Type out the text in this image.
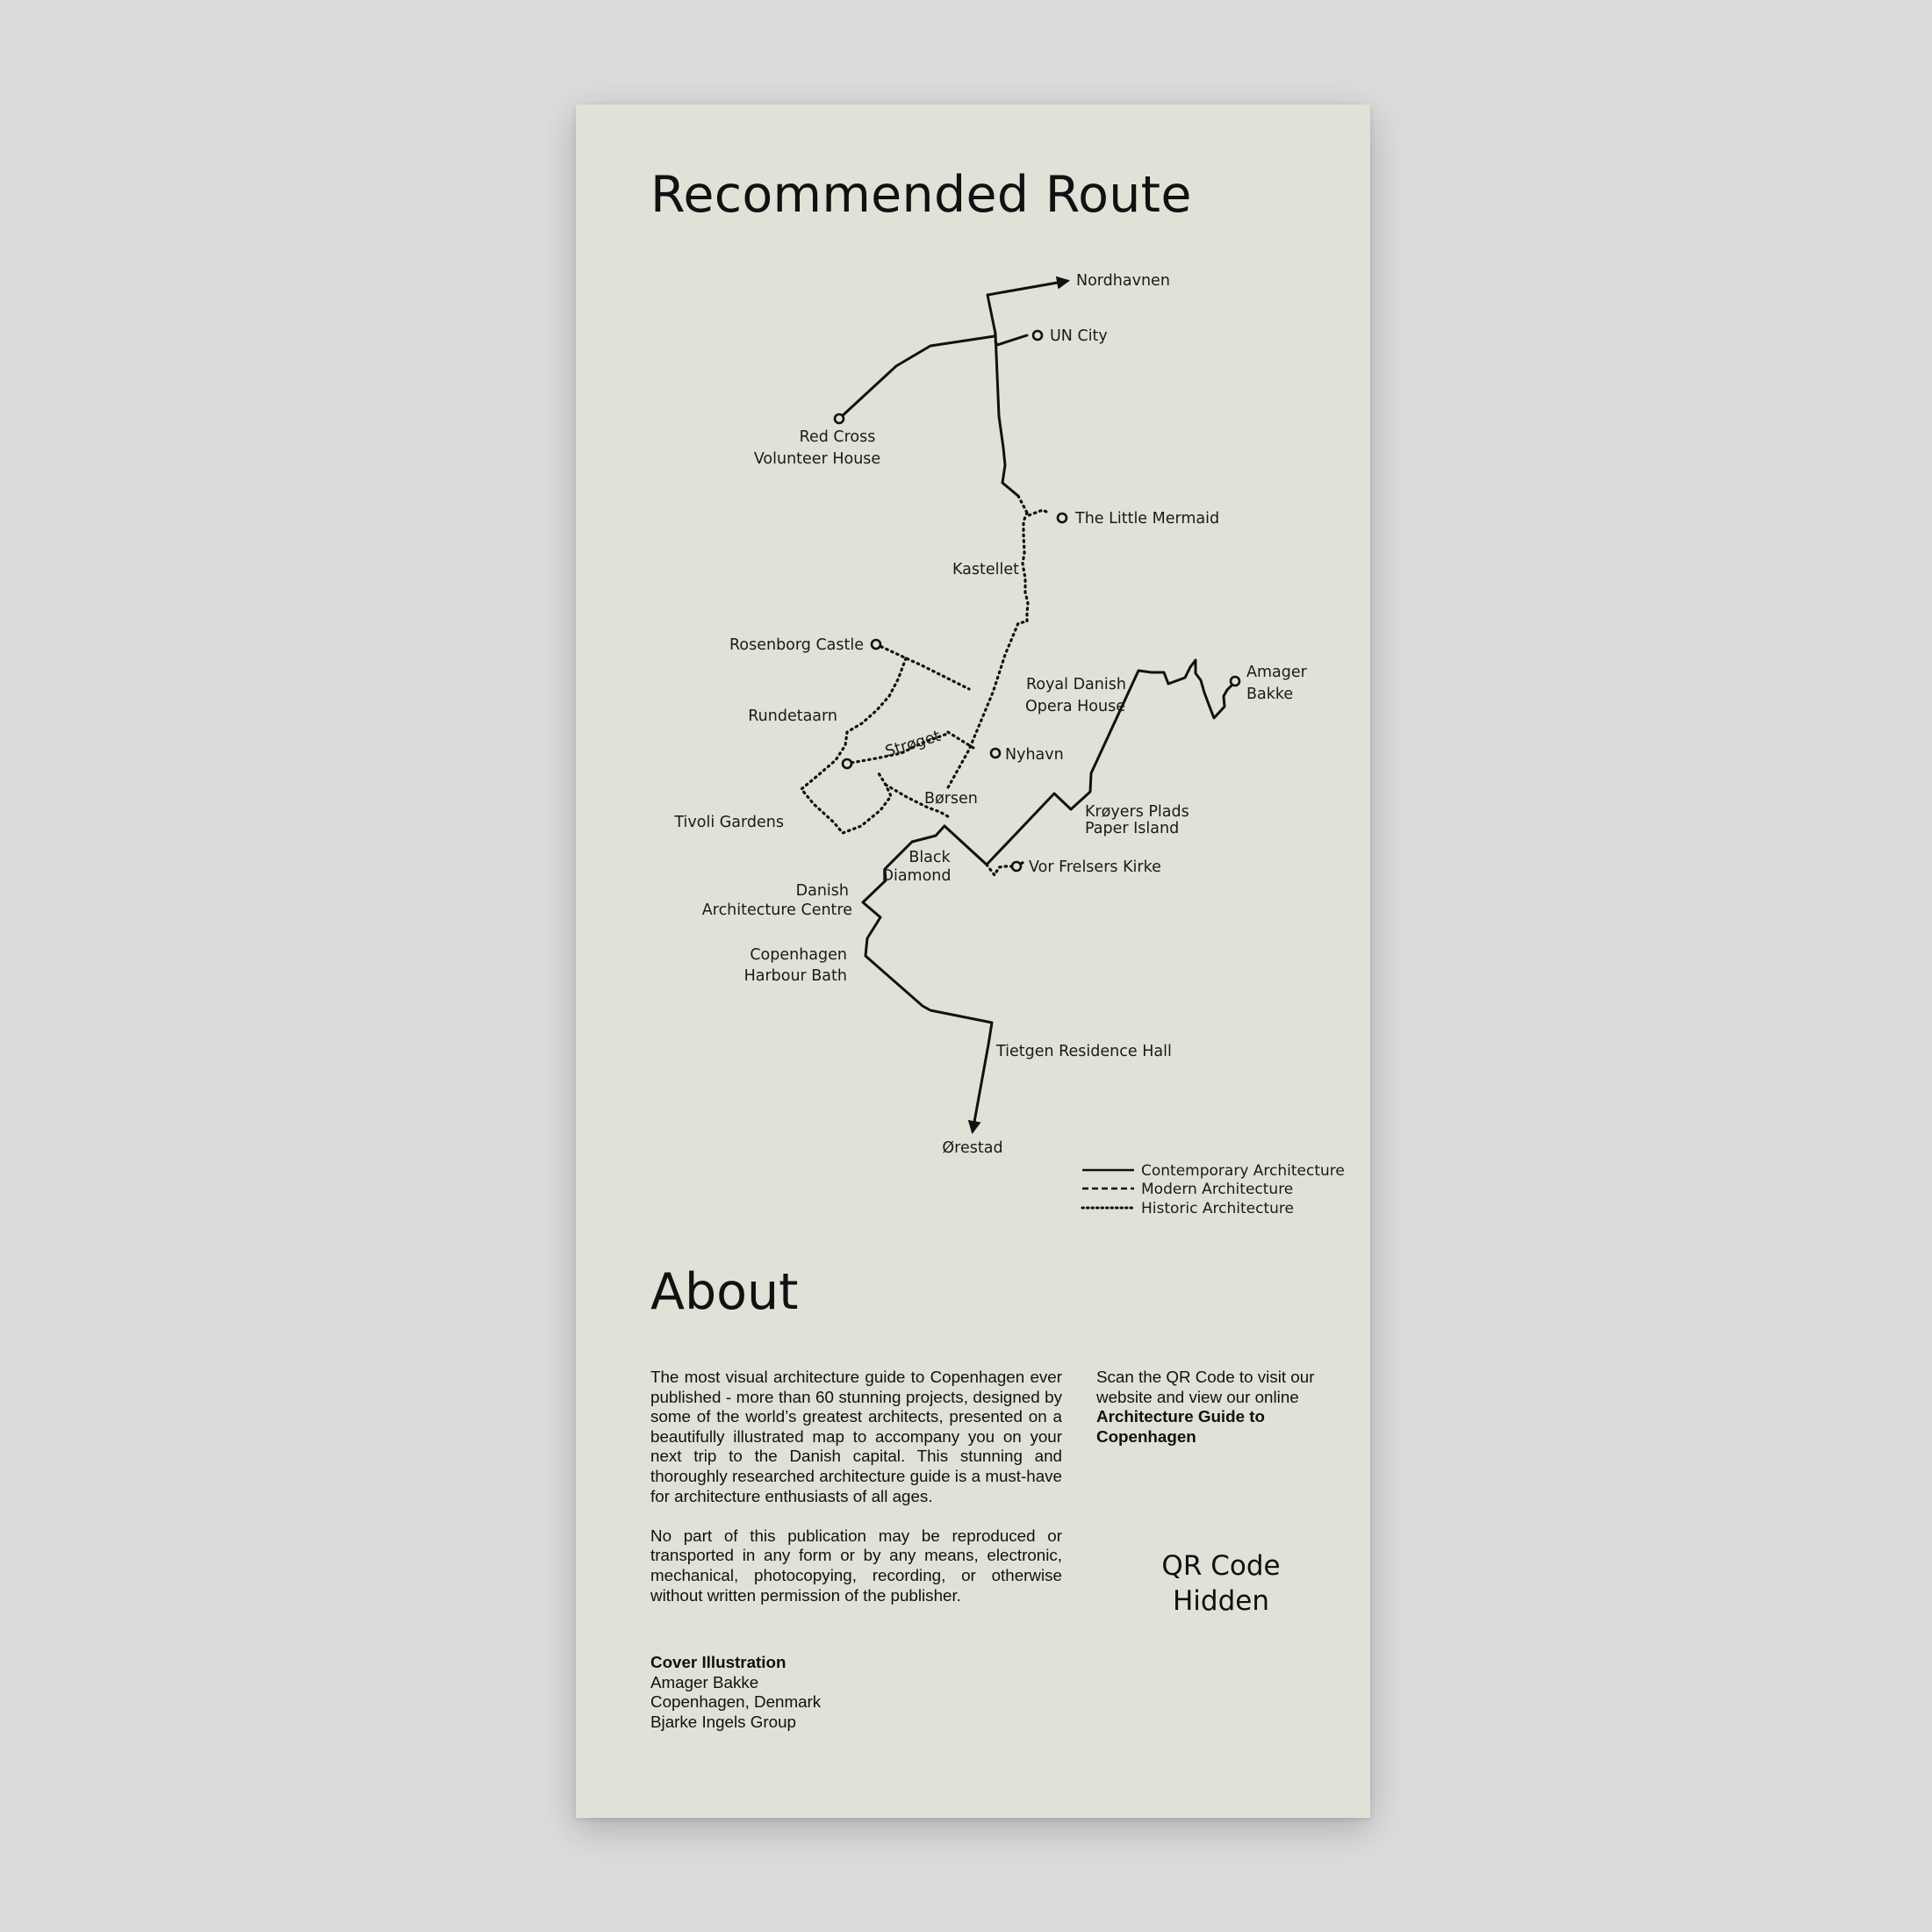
Recommended Route
Nordhavnen
UN City
Red Cross
Volunteer House
The Little Mermaid
Kastellet
Rosenborg Castle
Royal Danish
Opera House
Amager
Bakke
Rundetaarn
Strøget	Nyhavn
Børsen
Krøyers Plads
Paper Island
Tivoli Gardens
Black
Diamond	Vor Frelsers Kirke
Danish
Architecture Centre
Copenhagen
Harbour Bath
Tietgen Residence Hall
Ørestad
Contemporary Architecture
Modern Architecture
Historic Architecture
About

The most visual architecture guide to Copenhagen ever published - more than 60 stunning projects, designed by some of the world’s greatest architects, presented on a beautifully illustrated map to accompany you on your next trip to the Danish capital. This stunning and thoroughly researched architecture guide is a must-have for architecture enthusiasts of all ages.

No part of this publication may be reproduced or transported in any form or by any means, electronic, mechanical, photocopying, recording, or otherwise without written permission of the publisher.

Cover Illustration
Amager Bakke
Copenhagen, Denmark
Bjarke Ingels Group
Scan the QR Code to visit our website and view our online Architecture Guide to Copenhagen
QR Code
Hidden
